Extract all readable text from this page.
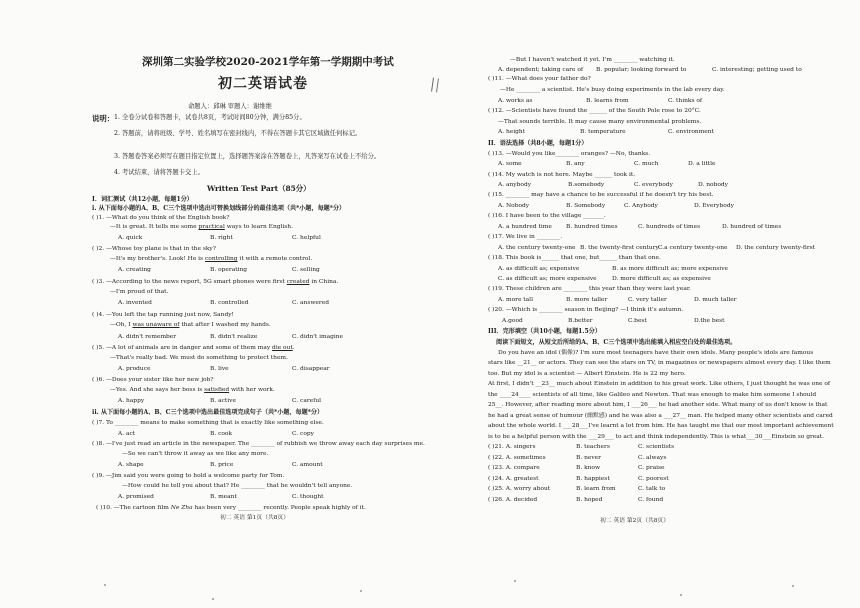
深圳第二实验学校2020-2021学年第一学期期中考试
初二英语试卷
命题人：邱琳 审题人：谢维维
说明： 1. 全卷分试卷和答题卡，试卷共8页，考试时间80分钟，满分85分。
2. 答题前，请将班级、学号、姓名填写在密封线内，不得在答题卡其它区域做任何标记。
3. 答题卷答案必须写在题目指定位置上，选择题答案涂在答题卷上，凡答案写在试卷上不给分。
4. 考试结束，请将答题卡交上。
Written Test Part（85分）
I．词汇测试（共12小题，每题1分）
i. 从下面每小题的A、B、C三个选项中选出可替换划线部分的最佳选项（共*小题，每题*分）
( )1. —What do you think of the English book?
—It is great. It tells me some practical ways to learn English.
A. quick	B. right	C. helpful
( )2. —Whose toy plane is that in the sky?
—It's my brother's. Look! He is controlling it with a remote control.
A. creating	B. operating	C. selling
( )3. —According to the news report, 5G smart phones were first created in China.
—I'm proud of that.
A. invented	B. controlled	C. answered
( )4. —You left the tap running just now, Sandy!
—Oh, I was unaware of that after I washed my hands.
A. didn't remember	B. didn't realize	C. didn't imagine
( )5. —A lot of animals are in danger and some of them may die out.
—That's really bad. We must do something to protect them.
A. produce	B. live	C. disappear
( )6. —Does your sister like her new job?
—Yes. And she says her boss is satisfied with her work.
A. happy	B. active	C. careful
ii. 从下面每小题的A、B、C三个选项中选出最佳选项完成句子（共*小题，每题*分）
( )7. To ________ means to make something that is exactly like something else.
A. act	B. cook	C. copy
( )8. —I've just read an article in the newspaper. The ________ of rubbish we throw away each day surprises me.
—So we can't throw it away as we like any more.
A. shape	B. price	C. amount
( )9. —Jim said you were going to hold a welcome party for Tom.
—How could he tell you about that? He ________ that he wouldn't tell anyone.
A. promised	B. meant	C. thought
( )10. —The cartoon film Ne Zha has been very ________ recently. People speak highly of it.
初二 英语 第1页（共8页）
—But I haven't watched it yet. I'm ________ watching it.
A. dependent; taking care of B. popular; looking forward to	C. interesting; getting used to
( )11. —What does your father do?
—He ________ a scientist. He's busy doing experiments in the lab every day.
A. works as	B. learns from	C. thinks of
( )12. —Scientists have found the ______ of the South Pole rose to 20°C.
—That sounds terrible. It may cause many environmental problems.
A. height	B. temperature	C. environment
II．语法选择（共8小题，每题1分）
( )13. —Would you like________ oranges? —No, thanks.
A. some	B. any	C. much	D. a little
( )14. My watch is not here. Maybe ______ took it.
A. anybody	B.somebody	C. everybody	D. nobody
( )15. ________ may have a chance to be successful if he doesn't try his best.
A. Nobody	B. Somebody	C. Anybody	D. Everybody
( )16. I have been to the village _______.
A. a hundred time B. hundred times	C. hundreds of times	D. hundred of times
( )17. We live in ________.
A. the century twenty-one B. the twenty-first century C.a century twenty-one D. the century twenty-first
( )18. This book is______ that one, but______ than that one.
A. as difficult as; expensive	B. as more difficult as; more expensive
C. as difficult as; more expensive	D. more difficult as; as expensive
( )19. These children are ________ this year than they were last year.
A. more tall	B. more taller	C. very taller	D. much taller
( )20. —Which is ________ season in Beijing? —I think it's autumn.
A.good	B.better	C.best	D.the best
III．完形填空（共10小题，每题1.5分）
阅读下面短文，从短文后所给的A、B、C三个选项中选出能填入相应空白处的最佳选项。
Do you have an idol (偶像)? I'm sure most teenagers have their own idols. Many people's idols are famous
stars like __21__ or actors. They can see the stars on TV, in magazines or newspapers almost every day. I like them
too. But my idol is a scientist — Albert Einstein. He is 22 my hero.
At first, I didn't __23__ much about Einstein in addition to his great work. Like others, I just thought he was one of
the ____24____ scientists of all time, like Galileo and Newton. That was enough to make him someone I should
25__. However, after reading more about him, I ___26___ he had another side. What many of us don't know is that
he had a great sense of humour (幽默感) and he was also a ___27__ man. He helped many other scientists and cared
about the whole world. I ___28___I've learnt a lot from him. He has taught me that our most important achievement
is to be a helpful person with the ___29___ to act and think independently. This is what___30___Einstein so great.
( )21. A. singers	B. teachers	C. scientists
( )22. A. sometimes	B. never	C. always
( )23. A. compare	B. know	C. praise
( )24. A. greatest	B. happiest	C. poorest
( )25. A. worry about	B. learn from	C. talk to
( )26. A. decided	B. hoped	C. found
初二 英语 第2页（共8页）
